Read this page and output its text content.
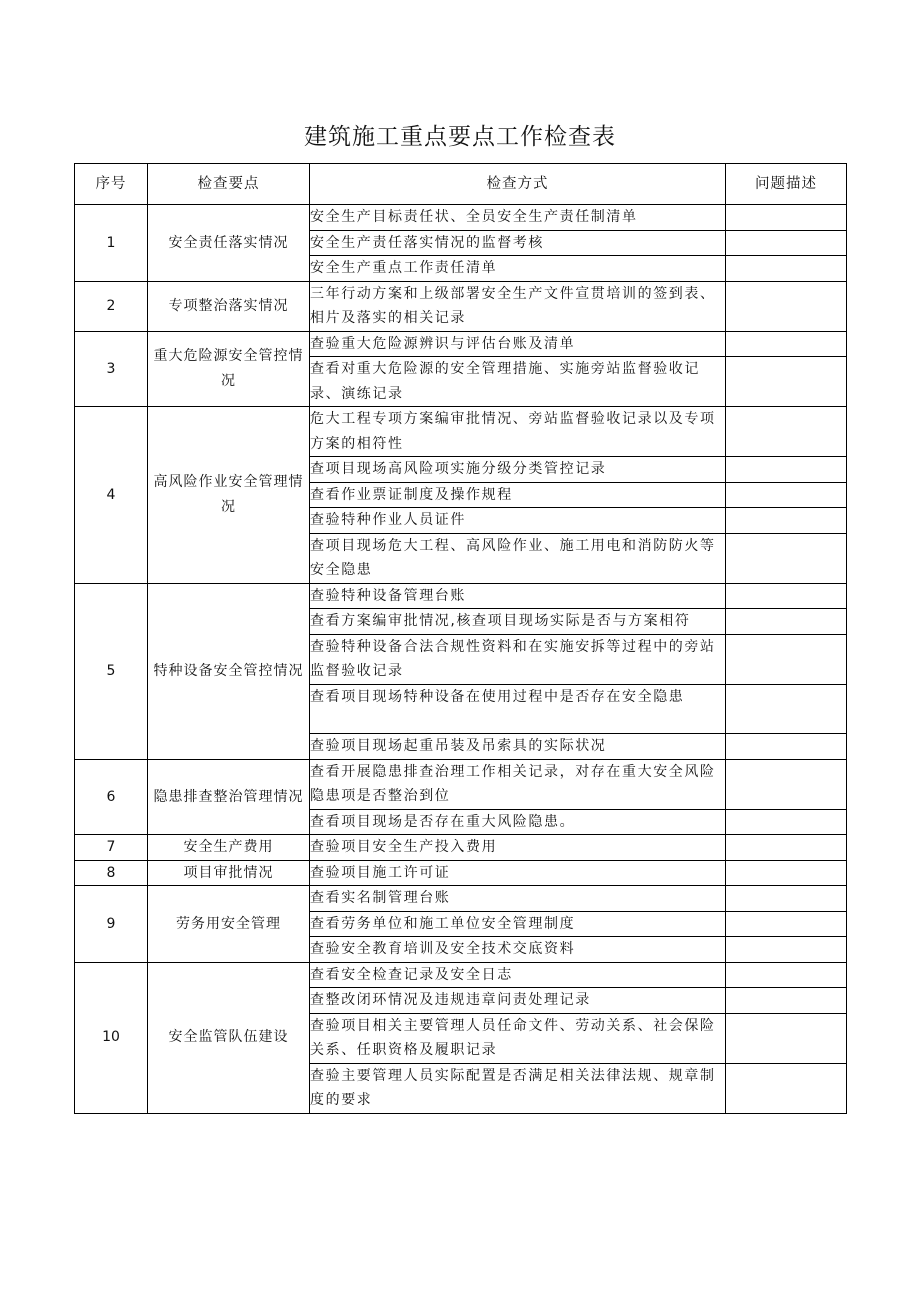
建筑施工重点要点工作检查表
序号	检查要点	检查方式	问题描述
1	安全责任落实情况	安全生产目标责任状、全员安全生产责任制清单	
		安全生产责任落实情况的监督考核	
		安全生产重点工作责任清单	
2	专项整治落实情况	三年行动方案和上级部署安全生产文件宣贯培训的签到表、相片及落实的相关记录	
3	重大危险源安全管控情况	查验重大危险源辨识与评估台账及清单	
		查看对重大危险源的安全管理措施、实施旁站监督验收记录、演练记录	
4	高风险作业安全管理情况	危大工程专项方案编审批情况、旁站监督验收记录以及专项方案的相符性	
		查项目现场高风险项实施分级分类管控记录	
		查看作业票证制度及操作规程	
		查验特种作业人员证件	
		查项目现场危大工程、高风险作业、施工用电和消防防火等安全隐患	
5	特种设备安全管控情况	查验特种设备管理台账	
		查看方案编审批情况,核查项目现场实际是否与方案相符	
		查验特种设备合法合规性资料和在实施安拆等过程中的旁站监督验收记录	
		查看项目现场特种设备在使用过程中是否存在安全隐患	
		查验项目现场起重吊装及吊索具的实际状况	
6	隐患排查整治管理情况	查看开展隐患排查治理工作相关记录，对存在重大安全风险隐患项是否整治到位	
		查看项目现场是否存在重大风险隐患。	
7	安全生产费用	查验项目安全生产投入费用	
8	项目审批情况	查验项目施工许可证	
9	劳务用安全管理	查看实名制管理台账	
		查看劳务单位和施工单位安全管理制度	
		查验安全教育培训及安全技术交底资料	
10	安全监管队伍建设	查看安全检查记录及安全日志	
		查整改闭环情况及违规违章问责处理记录	
		查验项目相关主要管理人员任命文件、劳动关系、社会保险关系、任职资格及履职记录	
		查验主要管理人员实际配置是否满足相关法律法规、规章制度的要求	
